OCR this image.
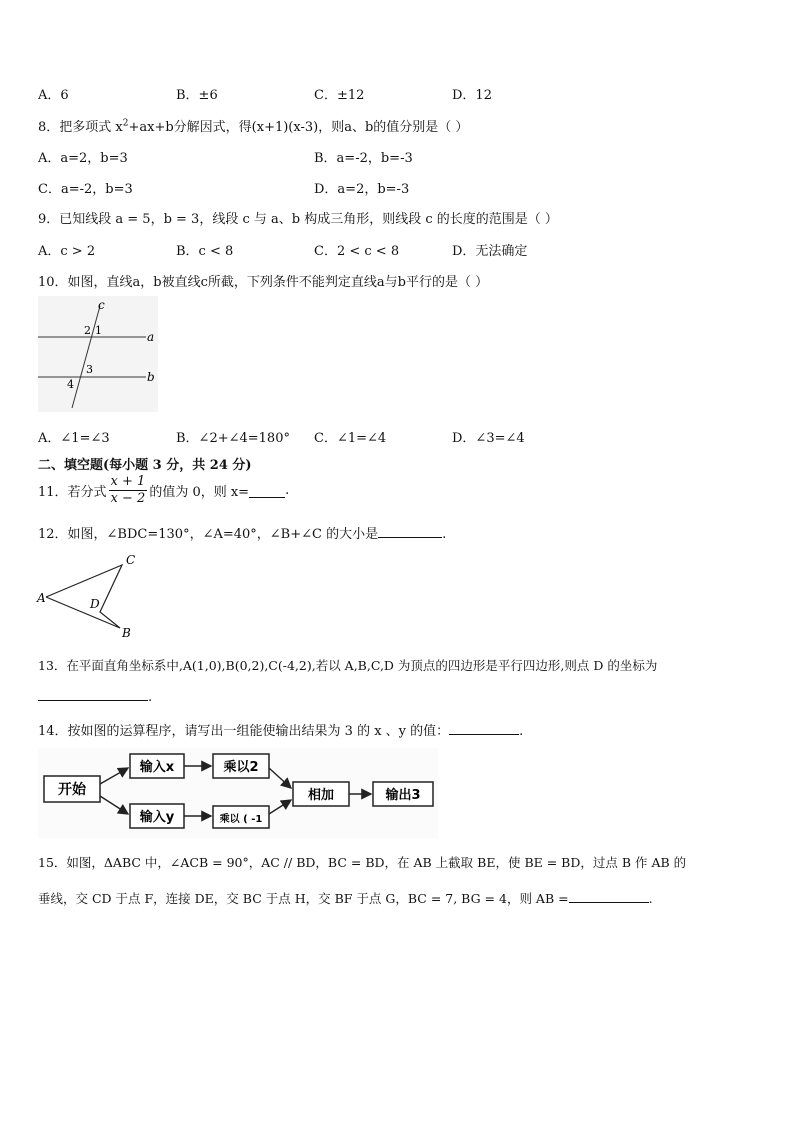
A．6	B．±6	C．±12	D．12
8．把多项式 $x^2+ax+b$分解因式，得(x+1)(x-3)，则a、b的值分别是（ ）
A．a=2，b=3	B．a=-2，b=-3
C．a=-2，b=3	D．a=2，b=-3
9．已知线段 a = 5，b = 3，线段 c 与 a、b 构成三角形，则线段 c 的长度的范围是（ ）
A．c > 2	B．c < 8	C．2 < c < 8	D．无法确定
10．如图，直线a，b被直线c所截，下列条件不能判定直线a与b平行的是（ ）
c
a
b
2 1
3
4
A．∠1=∠3	B．∠2+∠4=180° C．∠1=∠4	D．∠3=∠4
二、填空题(每小题 3 分，共 24 分)
11．若分式 $\frac{x + 1}{x - 2}$ 的值为 0，则 x=	.
12．如图，∠BDC=130°，∠A=40°，∠B+∠C 的大小是	.
A
C
D
B
13．在平面直角坐标系中,A(1,0),B(0,2),C(-4,2),若以 A,B,C,D 为顶点的四边形是平行四边形,则点 D 的坐标为
.
14．按如图的运算程序，请写出一组能使输出结果为 3 的 x 、y 的值：	.
开始
输入x	乘以2
输入y	乘以 ( -1
相加	输出3
15．如图，ΔABC 中，∠ACB = 90°，AC // BD，BC = BD，在 AB 上截取 BE，使 BE = BD，过点 B 作 AB 的
垂线，交 CD 于点 F，连接 DE，交 BC 于点 H，交 BF 于点 G，BC = 7, BG = 4，则 AB =	.
